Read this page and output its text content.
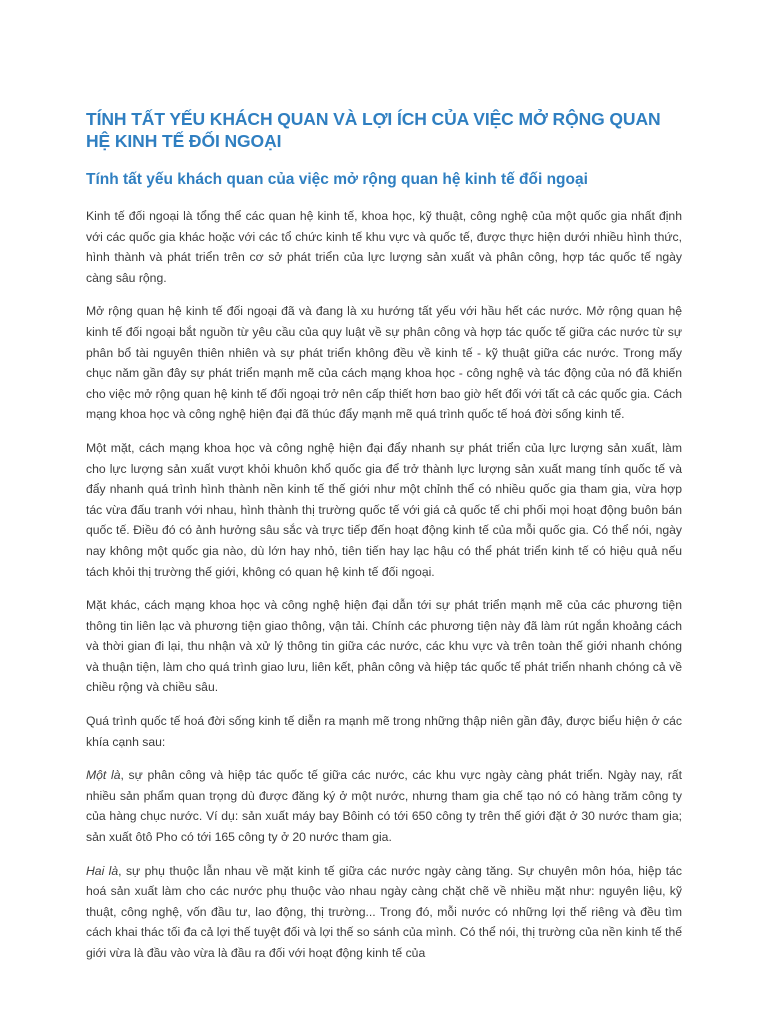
TÍNH TẤT YẾU KHÁCH QUAN VÀ LỢI ÍCH CỦA VIỆC MỞ RỘNG QUAN HỆ KINH TẾ ĐỐI NGOẠI
Tính tất yếu khách quan của việc mở rộng quan hệ kinh tế đối ngoại

Kinh tế đối ngoại là tổng thể các quan hệ kinh tế, khoa học, kỹ thuật, công nghệ của một quốc gia nhất định với các quốc gia khác hoặc với các tổ chức kinh tế khu vực và quốc tế, được thực hiện dưới nhiều hình thức, hình thành và phát triển trên cơ sở phát triển của lực lượng sản xuất và phân công, hợp tác quốc tế ngày càng sâu rộng.

Mở rộng quan hệ kinh tế đối ngoại đã và đang là xu hướng tất yếu với hầu hết các nước. Mở rộng quan hệ kinh tế đối ngoại bắt nguồn từ yêu cầu của quy luật về sự phân công và hợp tác quốc tế giữa các nước từ sự phân bổ tài nguyên thiên nhiên và sự phát triển không đều về kinh tế - kỹ thuật giữa các nước. Trong mấy chục năm gần đây sự phát triển mạnh mẽ của cách mạng khoa học - công nghệ và tác động của nó đã khiến cho việc mở rộng quan hệ kinh tế đối ngoại trở nên cấp thiết hơn bao giờ hết đối với tất cả các quốc gia. Cách mạng khoa học và công nghệ hiện đại đã thúc đẩy mạnh mẽ quá trình quốc tế hoá đời sống kinh tế.

Một mặt, cách mạng khoa học và công nghệ hiện đại đẩy nhanh sự phát triển của lực lượng sản xuất, làm cho lực lượng sản xuất vượt khỏi khuôn khổ quốc gia để trở thành lực lượng sản xuất mang tính quốc tế và đẩy nhanh quá trình hình thành nền kinh tế thế giới như một chỉnh thể có nhiều quốc gia tham gia, vừa hợp tác vừa đấu tranh với nhau, hình thành thị trường quốc tế với giá cả quốc tế chi phối mọi hoạt động buôn bán quốc tế. Điều đó có ảnh hưởng sâu sắc và trực tiếp đến hoạt động kinh tế của mỗi quốc gia. Có thể nói, ngày nay không một quốc gia nào, dù lớn hay nhỏ, tiên tiến hay lạc hậu có thể phát triển kinh tế có hiệu quả nếu tách khỏi thị trường thế giới, không có quan hệ kinh tế đối ngoại.

Mặt khác, cách mạng khoa học và công nghệ hiện đại dẫn tới sự phát triển mạnh mẽ của các phương tiện thông tin liên lạc và phương tiện giao thông, vận tải. Chính các phương tiện này đã làm rút ngắn khoảng cách và thời gian đi lại, thu nhận và xử lý thông tin giữa các nước, các khu vực và trên toàn thế giới nhanh chóng và thuận tiện, làm cho quá trình giao lưu, liên kết, phân công và hiệp tác quốc tế phát triển nhanh chóng cả về chiều rộng và chiều sâu.

Quá trình quốc tế hoá đời sống kinh tế diễn ra mạnh mẽ trong những thập niên gần đây, được biểu hiện ở các khía cạnh sau:

Một là, sự phân công và hiệp tác quốc tế giữa các nước, các khu vực ngày càng phát triển. Ngày nay, rất nhiều sản phẩm quan trọng dù được đăng ký ở một nước, nhưng tham gia chế tạo nó có hàng trăm công ty của hàng chục nước. Ví dụ: sản xuất máy bay Bôinh có tới 650 công ty trên thế giới đặt ở 30 nước tham gia; sản xuất ôtô Pho có tới 165 công ty ở 20 nước tham gia.

Hai là, sự phụ thuộc lẫn nhau về mặt kinh tế giữa các nước ngày càng tăng. Sự chuyên môn hóa, hiệp tác hoá sản xuất làm cho các nước phụ thuộc vào nhau ngày càng chặt chẽ về nhiều mặt như: nguyên liệu, kỹ thuật, công nghệ, vốn đầu tư, lao động, thị trường... Trong đó, mỗi nước có những lợi thế riêng và đều tìm cách khai thác tối đa cả lợi thế tuyệt đối và lợi thế so sánh của mình. Có thể nói, thị trường của nền kinh tế thế giới vừa là đầu vào vừa là đầu ra đối với hoạt động kinh tế của
